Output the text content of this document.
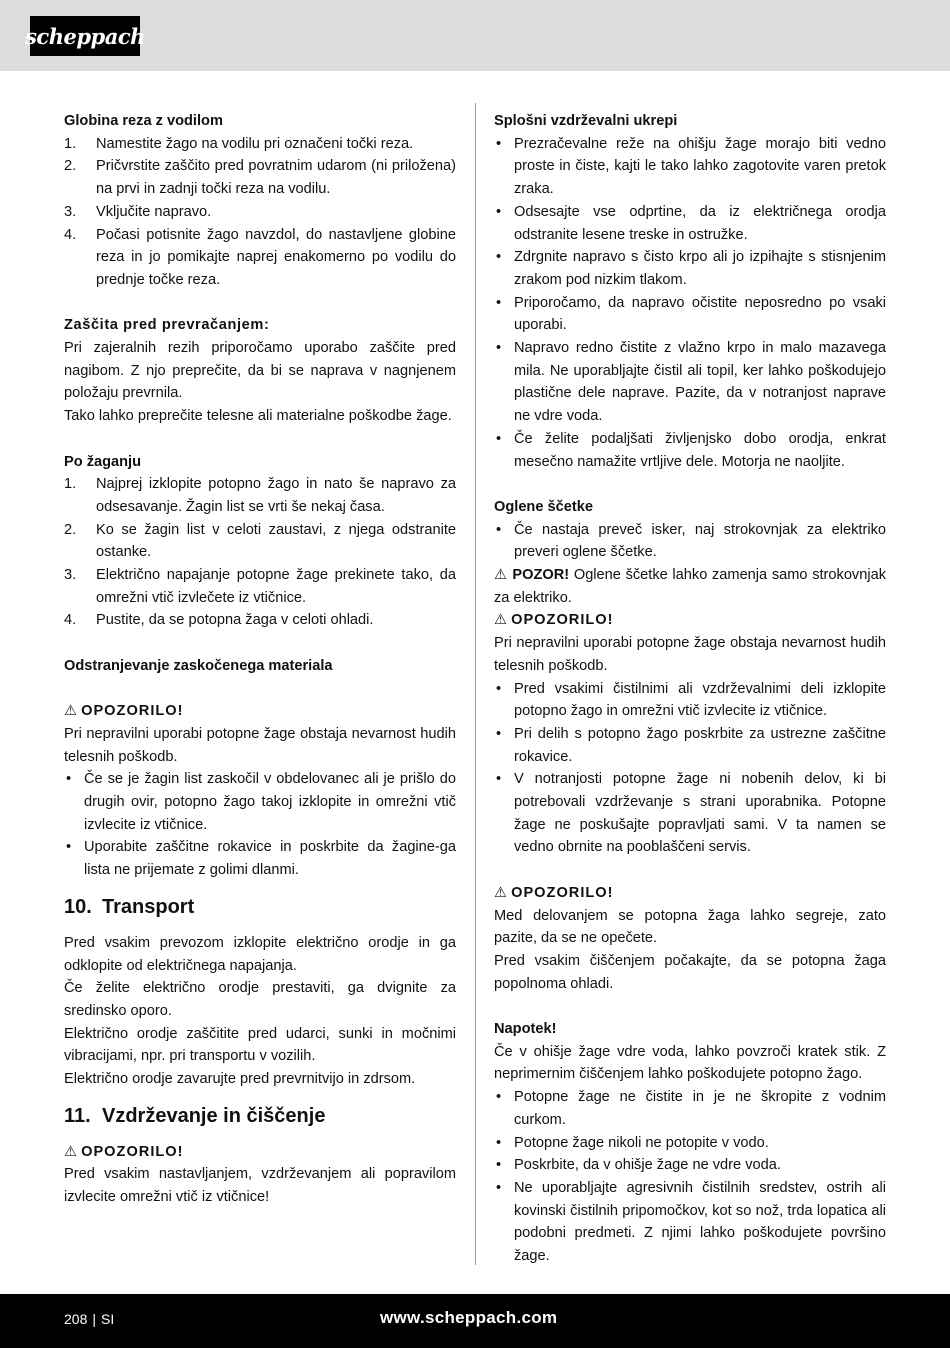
scheppach

Globina reza z vodilom

1. Namestite žago na vodilu pri označeni točki reza.
2. Pričvrstite zaščito pred povratnim udarom (ni priložena) na prvi in zadnji točki reza na vodilu.
3. Vključite napravo.
4. Počasi potisnite žago navzdol, do nastavljene globine reza in jo pomikajte naprej enakomerno po vodilu do prednje točke reza.

Zaščita pred prevračanjem:

Pri zajeralnih rezih priporočamo uporabo zaščite pred nagibom. Z njo preprečite, da bi se naprava v nagnjenem položaju prevrnila.

Tako lahko preprečite telesne ali materialne poškodbe žage.

Po žaganju

1. Najprej izklopite potopno žago in nato še napravo za odsesavanje. Žagin list se vrti še nekaj časa.
2. Ko se žagin list v celoti zaustavi, z njega odstranite ostanke.
3. Električno napajanje potopne žage prekinete tako, da omrežni vtič izvlečete iz vtičnice.
4. Pustite, da se potopna žaga v celoti ohladi.

Odstranjevanje zaskočenega materiala

⚠ OPOZORILO!

Pri nepravilni uporabi potopne žage obstaja nevarnost hudih telesnih poškodb.

• Če se je žagin list zaskočil v obdelovanec ali je prišlo do drugih ovir, potopno žago takoj izklopite in omrežni vtič izvlecite iz vtičnice.
• Uporabite zaščitne rokavice in poskrbite da žagine-ga lista ne prijemate z golimi dlanmi.

10. Transport

Pred vsakim prevozom izklopite električno orodje in ga odklopite od električnega napajanja.

Če želite električno orodje prestaviti, ga dvignite za sredinsko oporo.

Električno orodje zaščitite pred udarci, sunki in močnimi vibracijami, npr. pri transportu v vozilih.

Električno orodje zavarujte pred prevrnitvijo in zdrsom.

11. Vzdrževanje in čiščenje

⚠ OPOZORILO!

Pred vsakim nastavljanjem, vzdrževanjem ali popravilom izvlecite omrežni vtič iz vtičnice!

Splošni vzdrževalni ukrepi

• Prezračevalne reže na ohišju žage morajo biti vedno proste in čiste, kajti le tako lahko zagotovite varen pretok zraka.
• Odsesajte vse odprtine, da iz električnega orodja odstranite lesene treske in ostružke.
• Zdrgnite napravo s čisto krpo ali jo izpihajte s stisnjenim zrakom pod nizkim tlakom.
• Priporočamo, da napravo očistite neposredno po vsaki uporabi.
• Napravo redno čistite z vlažno krpo in malo mazavega mila. Ne uporabljajte čistil ali topil, ker lahko poškodujejo plastične dele naprave. Pazite, da v notranjost naprave ne vdre voda.
• Če želite podaljšati življenjsko dobo orodja, enkrat mesečno namažite vrtljive dele. Motorja ne naoljite.

Oglene ščetke

• Če nastaja preveč isker, naj strokovnjak za elektriko preveri oglene ščetke.

⚠ POZOR! Oglene ščetke lahko zamenja samo strokovnjak za elektriko.

⚠ OPOZORILO!

Pri nepravilni uporabi potopne žage obstaja nevarnost hudih telesnih poškodb.

• Pred vsakimi čistilnimi ali vzdrževalnimi deli izklopite potopno žago in omrežni vtič izvlecite iz vtičnice.
• Pri delih s potopno žago poskrbite za ustrezne zaščitne rokavice.
• V notranjosti potopne žage ni nobenih delov, ki bi potrebovali vzdrževanje s strani uporabnika. Potopne žage ne poskušajte popravljati sami. V ta namen se vedno obrnite na pooblaščeni servis.

⚠ OPOZORILO!

Med delovanjem se potopna žaga lahko segreje, zato pazite, da se ne opečete.

Pred vsakim čiščenjem počakajte, da se potopna žaga popolnoma ohladi.

Napotek!

Če v ohišje žage vdre voda, lahko povzroči kratek stik. Z neprimernim čiščenjem lahko poškodujete potopno žago.

• Potopne žage ne čistite in je ne škropite z vodnim curkom.
• Potopne žage nikoli ne potopite v vodo.
• Poskrbite, da v ohišje žage ne vdre voda.
• Ne uporabljajte agresivnih čistilnih sredstev, ostrih ali kovinski čistilnih pripomočkov, kot so nož, trda lopatica ali podobni predmeti. Z njimi lahko poškodujete površino žage.
208 | SI	www.scheppach.com
